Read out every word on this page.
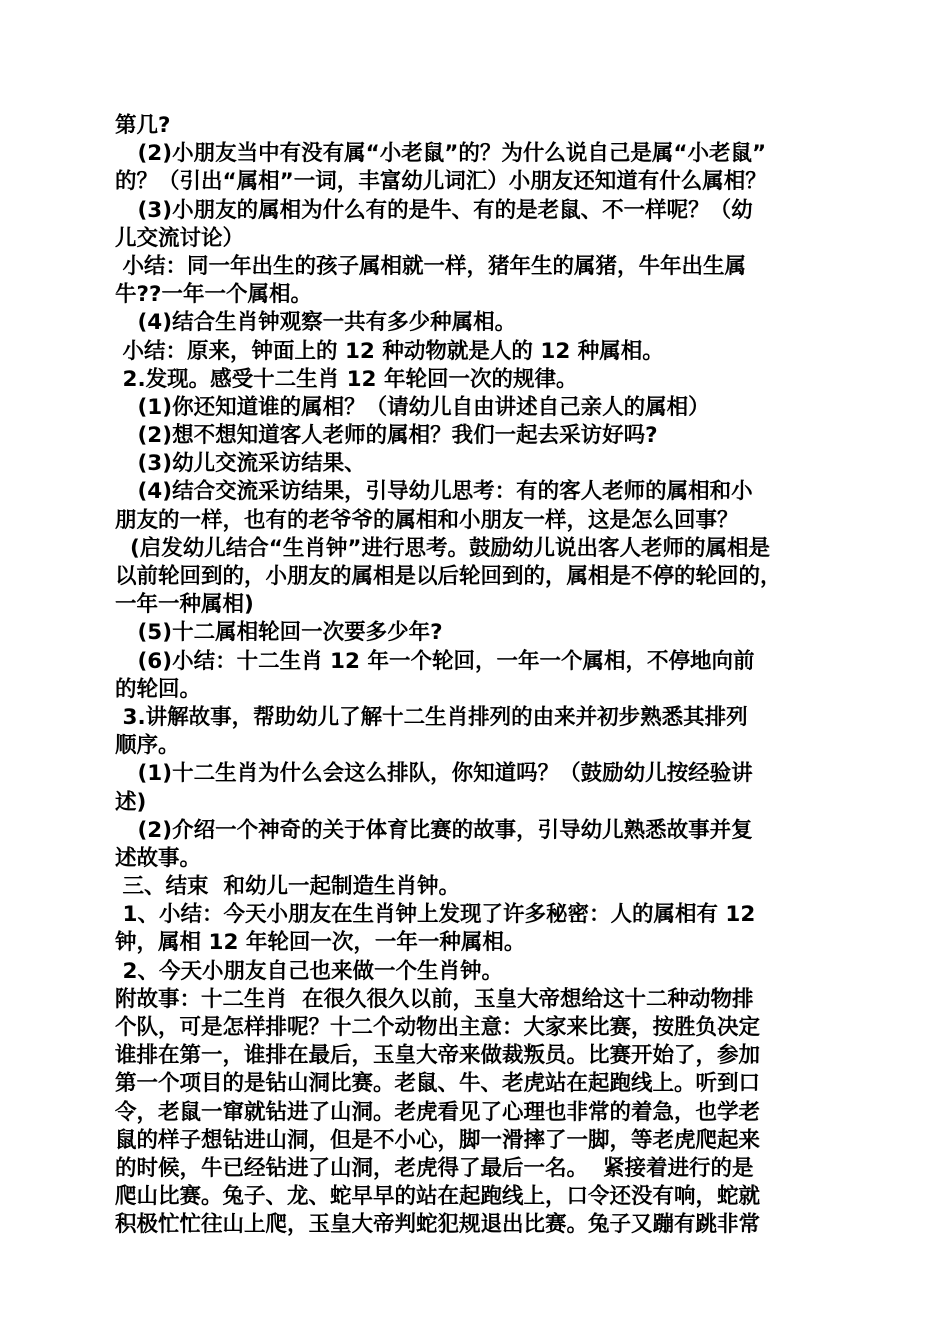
第几?
(2)小朋友当中有没有属“小老鼠”的？为什么说自己是属“小老鼠”
的？（引出“属相”一词，丰富幼儿词汇）小朋友还知道有什么属相？
(3)小朋友的属相为什么有的是牛、有的是老鼠、不一样呢？（幼
儿交流讨论）
小结：同一年出生的孩子属相就一样，猪年生的属猪，牛年出生属
牛??一年一个属相。
(4)结合生肖钟观察一共有多少种属相。
小结：原来，钟面上的 12 种动物就是人的 12 种属相。
2.发现。感受十二生肖 12 年轮回一次的规律。
(1)你还知道谁的属相？（请幼儿自由讲述自己亲人的属相）
(2)想不想知道客人老师的属相？我们一起去采访好吗?
(3)幼儿交流采访结果、
(4)结合交流采访结果，引导幼儿思考：有的客人老师的属相和小
朋友的一样，也有的老爷爷的属相和小朋友一样，这是怎么回事？
(启发幼儿结合“生肖钟”进行思考。鼓励幼儿说出客人老师的属相是
以前轮回到的，小朋友的属相是以后轮回到的，属相是不停的轮回的，
一年一种属相)
(5)十二属相轮回一次要多少年?
(6)小结：十二生肖 12 年一个轮回，一年一个属相，不停地向前
的轮回。
3.讲解故事，帮助幼儿了解十二生肖排列的由来并初步熟悉其排列
顺序。
(1)十二生肖为什么会这么排队，你知道吗？（鼓励幼儿按经验讲
述)
(2)介绍一个神奇的关于体育比赛的故事，引导幼儿熟悉故事并复
述故事。
三、结束  和幼儿一起制造生肖钟。
1、小结：今天小朋友在生肖钟上发现了许多秘密：人的属相有 12
钟，属相 12 年轮回一次，一年一种属相。
2、今天小朋友自己也来做一个生肖钟。
附故事：十二生肖  在很久很久以前，玉皇大帝想给这十二种动物排
个队，可是怎样排呢？十二个动物出主意：大家来比赛，按胜负决定
谁排在第一，谁排在最后，玉皇大帝来做裁叛员。比赛开始了，参加
第一个项目的是钻山洞比赛。老鼠、牛、老虎站在起跑线上。听到口
令，老鼠一窜就钻进了山洞。老虎看见了心理也非常的着急，也学老
鼠的样子想钻进山洞，但是不小心，脚一滑摔了一脚，等老虎爬起来
的时候，牛已经钻进了山洞，老虎得了最后一名。  紧接着进行的是
爬山比赛。兔子、龙、蛇早早的站在起跑线上，口令还没有响，蛇就
积极忙忙往山上爬，玉皇大帝判蛇犯规退出比赛。兔子又蹦有跳非常
